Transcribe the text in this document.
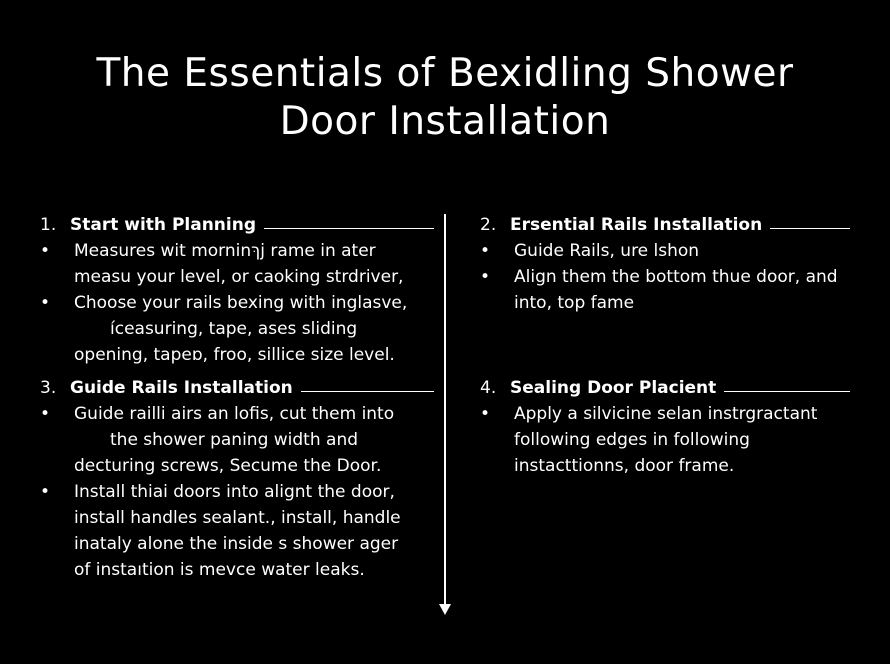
The Essentials of Bexidling Shower
Door Installation
1. Start with Planning
•	Measures wit morninךּj rame in ater
measu your level, or caoking strdriver,
•	Choose your rails bexing with inglasve,
íceasuring, tape, ases sliding
opening, tapeɒ, froo, sillice size level.
2. Ersential Rails Installation
•	Guide Rails, ure lshon
•	Align them the bottom thue door, and
into, top fame
3. Guide Rails Installation
•	Guide railli airs an lofis, cut them into
the shower paning width and
decturing screws, Secume the Door.
•	Install thiai doors into alignt the door,
install handles sealant., install, handle
inataly alone the inside s shower ager
of instaıtion is mevce water leaks.
4. Sealing Door Placient
•	Apply a silvicine selan instrgractant
following edges in following
instacttionns, door frame.
